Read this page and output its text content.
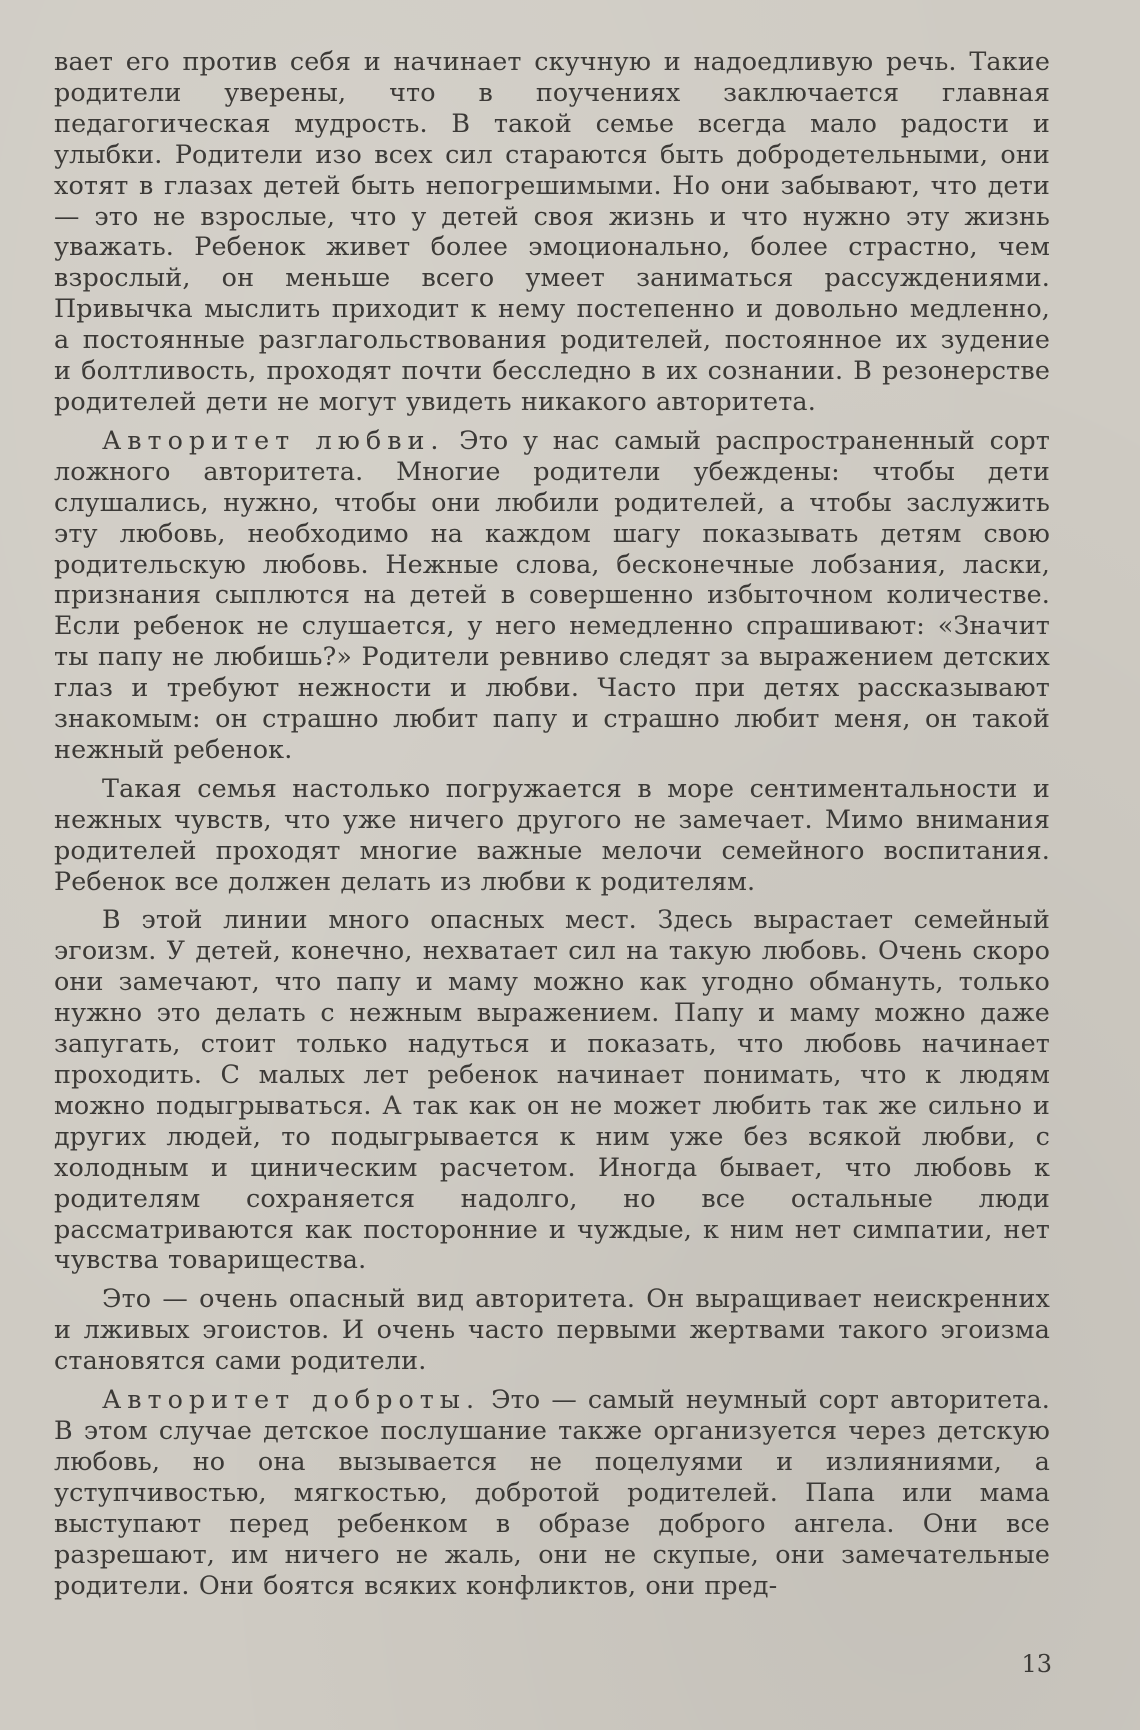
вает его против себя и начинает скучную и надоедливую речь. Такие родители уверены, что в поучениях заключается главная педагогическая мудрость. В такой семье всегда мало радости и улыбки. Родители изо всех сил стараются быть добродетельными, они хотят в глазах детей быть непогрешимыми. Но они забывают, что дети — это не взрослые, что у детей своя жизнь и что нужно эту жизнь уважать. Ребенок живет более эмоционально, более страстно, чем взрослый, он меньше всего умеет заниматься рассуждениями. Привычка мыслить приходит к нему постепенно и довольно медленно, а постоянные разглагольствования родителей, постоянное их зудение и болтливость, проходят почти бесследно в их сознании. В резонерстве родителей дети не могут увидеть никакого авторитета.

Авторитет любви. Это у нас самый распространенный сорт ложного авторитета. Многие родители убеждены: чтобы дети слушались, нужно, чтобы они любили родителей, а чтобы заслужить эту любовь, необходимо на каждом шагу показывать детям свою родительскую любовь. Нежные слова, бесконечные лобзания, ласки, признания сыплются на детей в совершенно избыточном количестве. Если ребенок не слушается, у него немедленно спрашивают: «Значит ты папу не любишь?» Родители ревниво следят за выражением детских глаз и требуют нежности и любви. Часто при детях рассказывают знакомым: он страшно любит папу и страшно любит меня, он такой нежный ребенок.

Такая семья настолько погружается в море сентиментальности и нежных чувств, что уже ничего другого не замечает. Мимо внимания родителей проходят многие важные мелочи семейного воспитания. Ребенок все должен делать из любви к родителям.

В этой линии много опасных мест. Здесь вырастает семейный эгоизм. У детей, конечно, нехватает сил на такую любовь. Очень скоро они замечают, что папу и маму можно как угодно обмануть, только нужно это делать с нежным выражением. Папу и маму можно даже запугать, стоит только надуться и показать, что любовь начинает проходить. С малых лет ребенок начинает понимать, что к людям можно подыгрываться. А так как он не может любить так же сильно и других людей, то подыгрывается к ним уже без всякой любви, с холодным и циническим расчетом. Иногда бывает, что любовь к родителям сохраняется надолго, но все остальные люди рассматриваются как посторонние и чуждые, к ним нет симпатии, нет чувства товарищества.

Это — очень опасный вид авторитета. Он выращивает неискренних и лживых эгоистов. И очень часто первыми жертвами такого эгоизма становятся сами родители.

Авторитет доброты. Это — самый неумный сорт авторитета. В этом случае детское послушание также организуется через детскую любовь, но она вызывается не поцелуями и излияниями, а уступчивостью, мягкостью, добротой родителей. Папа или мама выступают перед ребенком в образе доброго ангела. Они все разрешают, им ничего не жаль, они не скупые, они замечательные родители. Они боятся всяких конфликтов, они пред-

13
